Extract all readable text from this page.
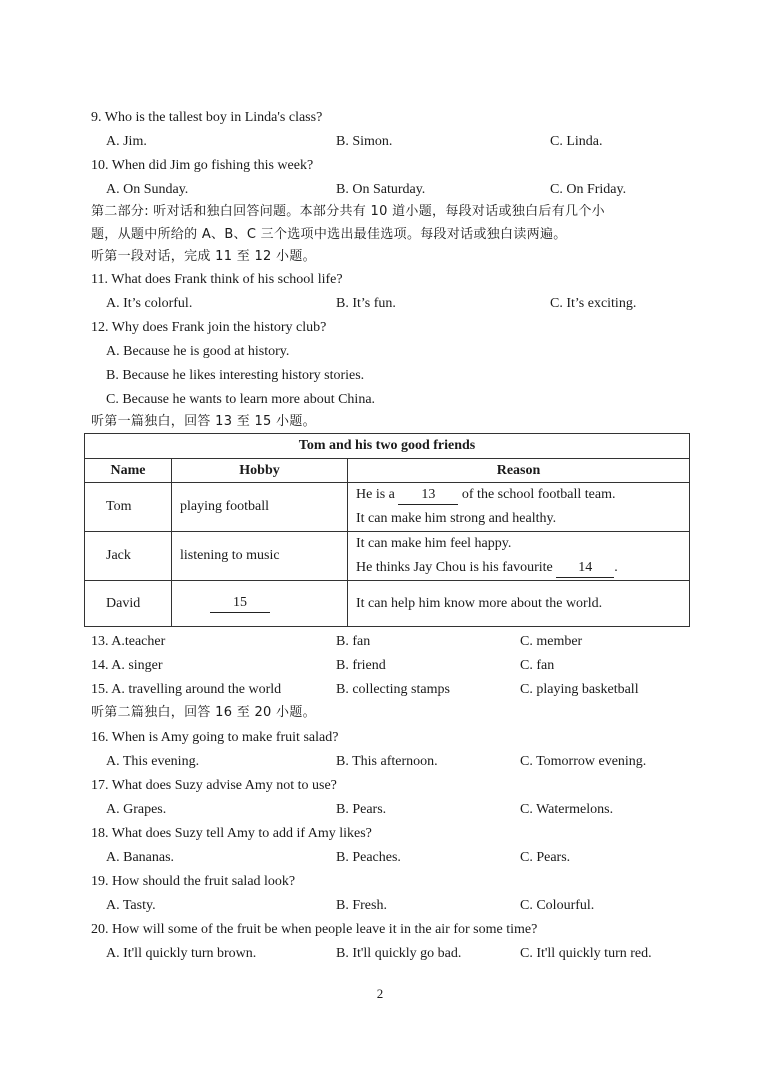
9. Who is the tallest boy in Linda's class?
A. Jim.	B. Simon.	C. Linda.
10. When did Jim go fishing this week?
A. On Sunday.	B. On Saturday.	C. On Friday.
第二部分: 听对话和独白回答问题。本部分共有 10 道小题，每段对话或独白后有几个小
题，从题中所给的 A、B、C 三个选项中选出最佳选项。每段对话或独白读两遍。
听第一段对话，完成 11 至 12 小题。
11. What does Frank think of his school life?
A. It’s colorful.	B. It’s fun.	C. It’s exciting.
12. Why does Frank join the history club?
A. Because he is good at history.
B. Because he likes interesting history stories.
C. Because he wants to learn more about China.
听第一篇独白，回答 13 至 15 小题。
Tom and his two good friends		
Name	Hobby	Reason
Tom	playing football	He is a 13 of the school football team.
It can make him strong and healthy.

Jack	listening to music	It can make him feel happy.
He thinks Jay Chou is his favourite 14 .

David	15	It can help him know more about the world.
13. A.teacher	B. fan	C. member
14. A. singer	B. friend	C. fan
15. A. travelling around the world	B. collecting stamps	C. playing basketball
听第二篇独白，回答 16 至 20 小题。
16. When is Amy going to make fruit salad?
A. This evening.	B. This afternoon.	C. Tomorrow evening.
17. What does Suzy advise Amy not to use?
A. Grapes.	B. Pears.	C. Watermelons.
18. What does Suzy tell Amy to add if Amy likes?
A. Bananas.	B. Peaches.	C. Pears.
19. How should the fruit salad look?
A. Tasty.	B. Fresh.	C. Colourful.
20. How will some of the fruit be when people leave it in the air for some time?
A. It'll quickly turn brown.	B. It'll quickly go bad.	C. It'll quickly turn red.
2
